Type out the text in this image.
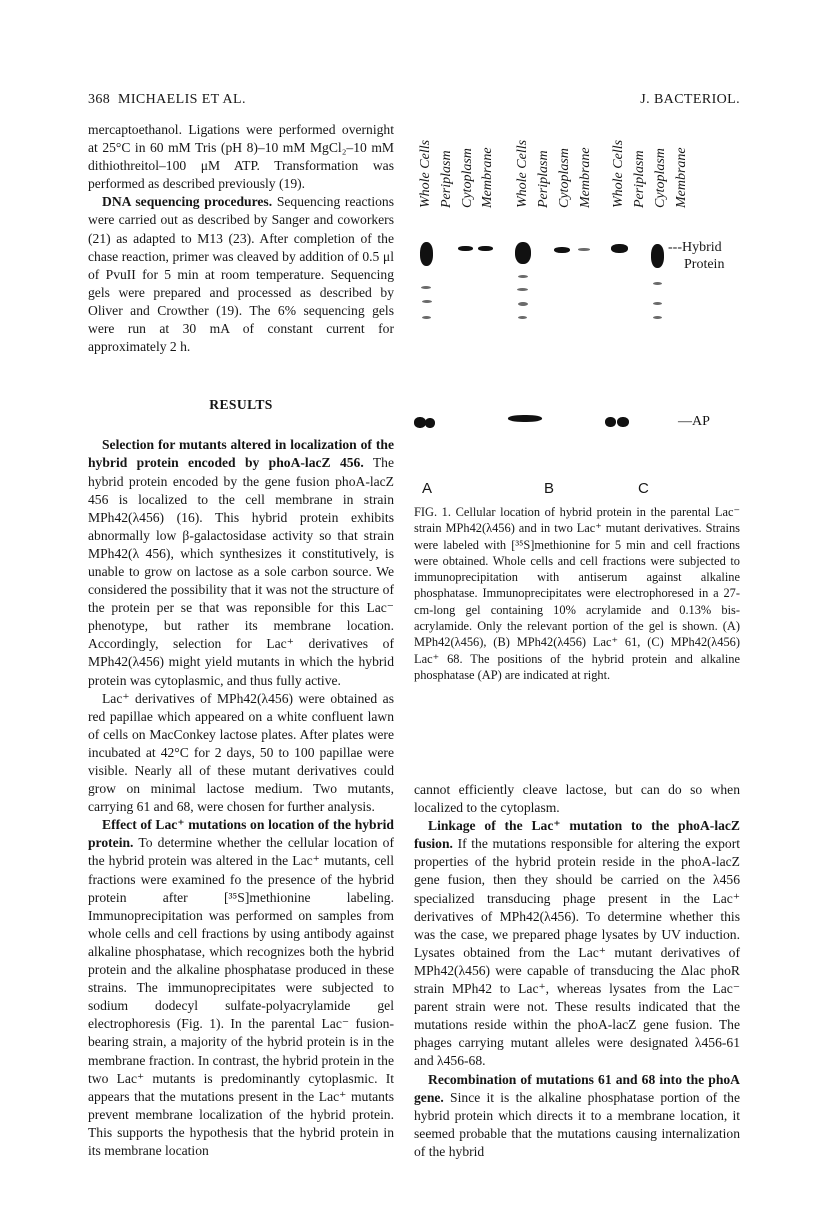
368 MICHAELIS ET AL.	J. BACTERIOL.

mercaptoethanol. Ligations were performed overnight at 25°C in 60 mM Tris (pH 8)–10 mM MgCl₂–10 mM dithiothreitol–100 μM ATP. Transformation was performed as described previously (19).

DNA sequencing procedures. Sequencing reactions were carried out as described by Sanger and coworkers (21) as adapted to M13 (23). After completion of the chase reaction, primer was cleaved by addition of 0.5 μl of PvuII for 5 min at room temperature. Sequencing gels were prepared and processed as described by Oliver and Crowther (19). The 6% sequencing gels were run at 30 mA of constant current for approximately 2 h.

RESULTS

Selection for mutants altered in localization of the hybrid protein encoded by phoA-lacZ 456. The hybrid protein encoded by the gene fusion phoA-lacZ 456 is localized to the cell membrane in strain MPh42(λ456) (16). This hybrid protein exhibits abnormally low β-galactosidase activity so that strain MPh42(λ 456), which synthesizes it constitutively, is unable to grow on lactose as a sole carbon source. We considered the possibility that it was not the structure of the protein per se that was reponsible for this Lac⁻ phenotype, but rather its membrane location. Accordingly, selection for Lac⁺ derivatives of MPh42(λ456) might yield mutants in which the hybrid protein was cytoplasmic, and thus fully active.

Lac⁺ derivatives of MPh42(λ456) were obtained as red papillae which appeared on a white confluent lawn of cells on MacConkey lactose plates. After plates were incubated at 42°C for 2 days, 50 to 100 papillae were visible. Nearly all of these mutant derivatives could grow on minimal lactose medium. Two mutants, carrying 61 and 68, were chosen for further analysis.

Effect of Lac⁺ mutations on location of the hybrid protein. To determine whether the cellular location of the hybrid protein was altered in the Lac⁺ mutants, cell fractions were examined fo the presence of the hybrid protein after [³⁵S]methionine labeling. Immunoprecipitation was performed on samples from whole cells and cell fractions by using antibody against alkaline phosphatase, which recognizes both the hybrid protein and the alkaline phosphatase produced in these strains. The immunoprecipitates were subjected to sodium dodecyl sulfate-polyacrylamide gel electrophoresis (Fig. 1). In the parental Lac⁻ fusion-bearing strain, a majority of the hybrid protein is in the membrane fraction. In contrast, the hybrid protein in the two Lac⁺ mutants is predominantly cytoplasmic. It appears that the mutations present in the Lac⁺ mutants prevent membrane localization of the hybrid protein. This supports the hypothesis that the hybrid protein in its membrane location

Whole Cells Periplasm Cytoplasm Membrane Whole Cells Periplasm Cytoplasm Membrane Whole Cells Periplasm Cytoplasm Membrane
---Hybrid
Protein
—AP
A	B	C
FIG. 1. Cellular location of hybrid protein in the parental Lac⁻ strain MPh42(λ456) and in two Lac⁺ mutant derivatives. Strains were labeled with [³⁵S]methionine for 5 min and cell fractions were obtained. Whole cells and cell fractions were subjected to immunoprecipitation with antiserum against alkaline phosphatase. Immunoprecipitates were electrophoresed in a 27-cm-long gel containing 10% acrylamide and 0.13% bis-acrylamide. Only the relevant portion of the gel is shown. (A) MPh42(λ456), (B) MPh42(λ456) Lac⁺ 61, (C) MPh42(λ456) Lac⁺ 68. The positions of the hybrid protein and alkaline phosphatase (AP) are indicated at right.

cannot efficiently cleave lactose, but can do so when localized to the cytoplasm.

Linkage of the Lac⁺ mutation to the phoA-lacZ fusion. If the mutations responsible for altering the export properties of the hybrid protein reside in the phoA-lacZ gene fusion, then they should be carried on the λ456 specialized transducing phage present in the Lac⁺ derivatives of MPh42(λ456). To determine whether this was the case, we prepared phage lysates by UV induction. Lysates obtained from the Lac⁺ mutant derivatives of MPh42(λ456) were capable of transducing the Δlac phoR strain MPh42 to Lac⁺, whereas lysates from the Lac⁻ parent strain were not. These results indicated that the mutations reside within the phoA-lacZ gene fusion. The phages carrying mutant alleles were designated λ456-61 and λ456-68.

Recombination of mutations 61 and 68 into the phoA gene. Since it is the alkaline phosphatase portion of the hybrid protein which directs it to a membrane location, it seemed probable that the mutations causing internalization of the hybrid
